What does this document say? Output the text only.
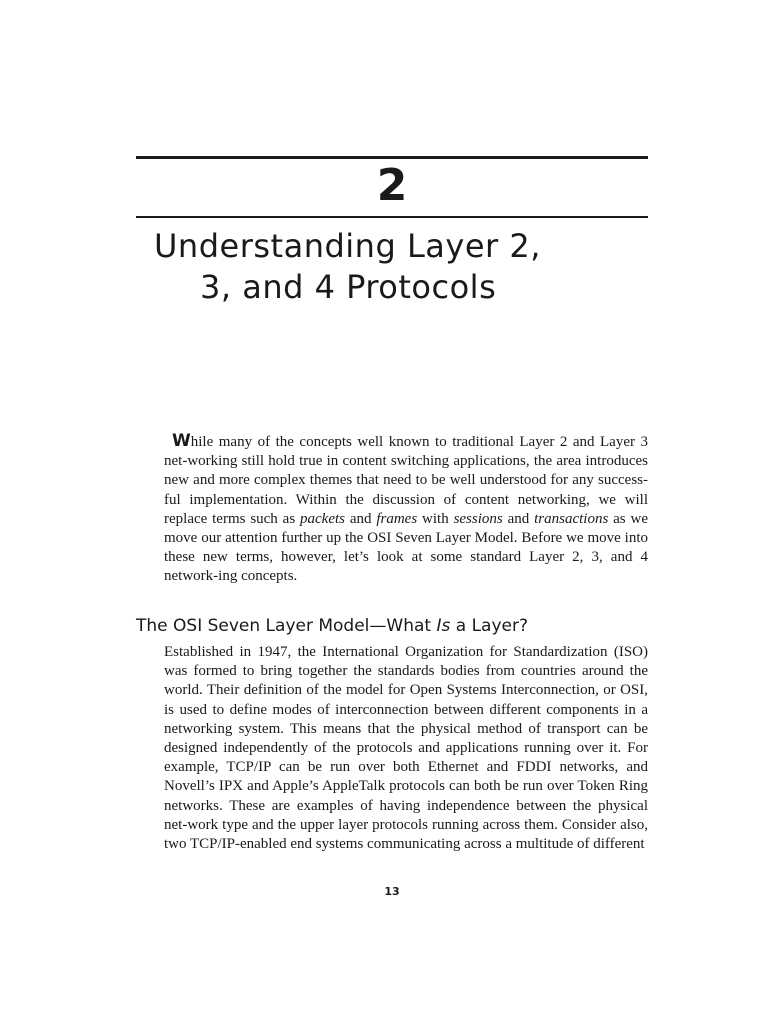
2
Understanding Layer 2,
3, and 4 Protocols

While many of the concepts well known to traditional Layer 2 and Layer 3 net-working still hold true in content switching applications, the area introduces new and more complex themes that need to be well understood for any success-ful implementation. Within the discussion of content networking, we will replace terms such as packets and frames with sessions and transactions as we move our attention further up the OSI Seven Layer Model. Before we move into these new terms, however, let’s look at some standard Layer 2, 3, and 4 network-ing concepts.

The OSI Seven Layer Model—What Is a Layer?

Established in 1947, the International Organization for Standardization (ISO) was formed to bring together the standards bodies from countries around the world. Their definition of the model for Open Systems Interconnection, or OSI, is used to define modes of interconnection between different components in a networking system. This means that the physical method of transport can be designed independently of the protocols and applications running over it. For example, TCP/IP can be run over both Ethernet and FDDI networks, and Novell’s IPX and Apple’s AppleTalk protocols can both be run over Token Ring networks. These are examples of having independence between the physical net-work type and the upper layer protocols running across them. Consider also, two TCP/IP-enabled end systems communicating across a multitude of different

13
